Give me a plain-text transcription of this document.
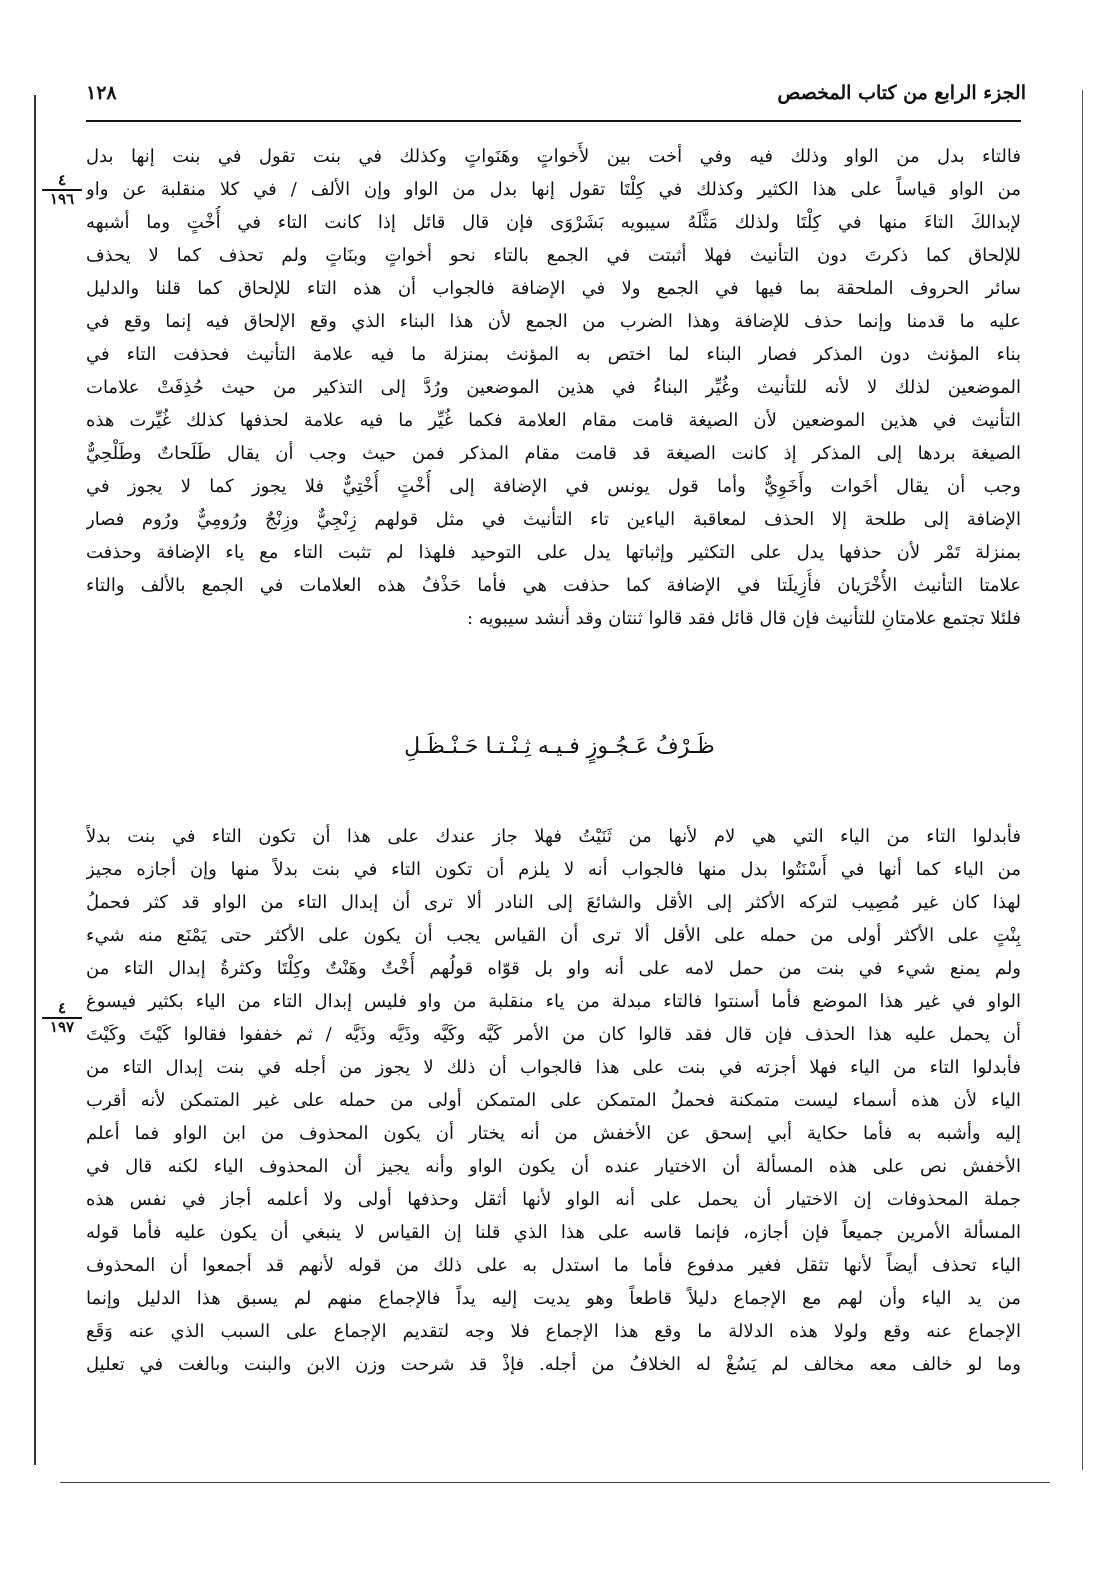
الجزء الرابع من كتاب المخصص
١٢٨
٤
١٩٦
٤
١٩٧
فالتاء بدل من الواو وذلك فيه وفي أخت بين لأَخواتٍ وهَنَواتٍ وكذلك في بنت تقول في بنت إنها بدل
من الواو قياساً على هذا الكثير وكذلك في كِلْتَا تقول إنها بدل من الواو وإن الألف / في كلا منقلبة عن واو
لإبدالكَ التاءَ منها في كِلْتَا ولذلك مَثَّلَهُ سيبويه بَشَرْوَى فإن قال قائل إذا كانت التاء في أُخْتٍ وما أشبهه
للإلحاق كما ذكرتَ دون التأنيث فهلا أثبتت في الجمع بالتاء نحو أخواتٍ وبنَاتٍ ولم تحذف كما لا يحذف
سائر الحروف الملحقة بما فيها في الجمع ولا في الإضافة فالجواب أن هذه التاء للإلحاق كما قلنا والدليل
عليه ما قدمنا وإنما حذف للإضافة وهذا الضرب من الجمع لأن هذا البناء الذي وقع الإلحاق فيه إنما وقع في
بناء المؤنث دون المذكر فصار البناء لما اختص به المؤنث بمنزلة ما فيه علامة التأنيث فحذفت التاء في
الموضعين لذلك لا لأنه للتأنيث وغُيِّر البناءُ في هذين الموضعين ورُدَّ إلى التذكير من حيث حُذِفَتْ علامات
التأنيث في هذين الموضعين لأن الصيغة قامت مقام العلامة فكما غُيِّر ما فيه علامة لحذفها كذلك غُيِّرت هذه
الصيغة بردها إلى المذكر إذ كانت الصيغة قد قامت مقام المذكر فمن حيث وجب أن يقال طَلَحاتٌ وطَلْحِيٌّ
وجب أن يقال أخَوات وأَخَوِيٌّ وأما قول يونس في الإضافة إلى أُخْتٍ أُخْتِيٌّ فلا يجوز كما لا يجوز في
الإضافة إلى طلحة إلا الحذف لمعاقبة الياءين تاء التأنيث في مثل قولهم زِنْجِيٌّ وزِنْجٌ ورُومِيٌّ ورُوم فصار
بمنزلة تَمْر لأن حذفها يدل على التكثير وإثباتها يدل على التوحيد فلهذا لم تثبت التاء مع ياء الإضافة وحذفت
علامتا التأنيث الأُخْرَيان فأُزِيلَتا في الإضافة كما حذفت هي فأما حَذْفُ هذه العلامات في الجمع بالألف والتاء
فلئلا تجتمع علامتانِ للتأنيث فإن قال قائل فقد قالوا ثنتان وقد أنشد سيبويه :
ظَـرْفُ عَـجُـوزٍ فـيـه ثِـنْـتـا حَـنْـظَـلِ
فأبدلوا التاء من الياء التي هي لام لأنها من ثَنَيْتُ فهلا جاز عندك على هذا أن تكون التاء في بنت بدلاً
من الياء كما أنها في أَسْنَتُوا بدل منها فالجواب أنه لا يلزم أن تكون التاء في بنت بدلاً منها وإن أجازه مجيز
لهذا كان غير مُصِيب لتركه الأكثر إلى الأقل والشائعَ إلى النادر ألا ترى أن إبدال التاء من الواو قد كثر فحملُ
بِنْتٍ على الأكثر أولى من حمله على الأقل ألا ترى أن القياس يجب أن يكون على الأكثر حتى يَمْنَع منه شيء
ولم يمنع شيء في بنت من حمل لامه على أنه واو بل قوّاه قولُهم أُخْتٌ وهَنْتٌ وكِلْتَا وكثرةُ إبدال التاء من
الواو في غير هذا الموضع فأما أسنتوا فالتاء مبدلة من ياء منقلبة من واو فليس إبدال التاء من الياء بكثير فيسوغ
أن يحمل عليه هذا الحذف فإن قال فقد قالوا كان من الأمر كَيَّه وكَيَّه وذَيَّه وذَيَّه / ثم خففوا فقالوا كَيْتَ وكَيْتَ
فأبدلوا التاء من الياء فهلا أجزته في بنت على هذا فالجواب أن ذلك لا يجوز من أجله في بنت إبدال التاء من
الياء لأن هذه أسماء ليست متمكنة فحملُ المتمكن على المتمكن أولى من حمله على غير المتمكن لأنه أقرب
إليه وأشبه به فأما حكاية أبي إسحق عن الأخفش من أنه يختار أن يكون المحذوف من ابن الواو فما أعلم
الأخفش نص على هذه المسألة أن الاختيار عنده أن يكون الواو وأنه يجيز أن المحذوف الياء لكنه قال في
جملة المحذوفات إن الاختيار أن يحمل على أنه الواو لأنها أثقل وحذفها أولى ولا أعلمه أجاز في نفس هذه
المسألة الأمرين جميعاً فإن أجازه، فإنما قاسه على هذا الذي قلنا إن القياس لا ينبغي أن يكون عليه فأما قوله
الياء تحذف أيضاً لأنها تثقل فغير مدفوع فأما ما استدل به على ذلك من قوله لأنهم قد أجمعوا أن المحذوف
من يد الياء وأن لهم مع الإجماع دليلاً قاطعاً وهو يديت إليه يداً فالإجماع منهم لم يسبق هذا الدليل وإنما
الإجماع عنه وقع ولولا هذه الدلالة ما وقع هذا الإجماع فلا وجه لتقديم الإجماع على السبب الذي عنه وَقَع
وما لو خالف معه مخالف لم يَسُغْ له الخلافُ من أجله. فإذْ قد شرحت وزن الابن والبنت وبالغت في تعليل
